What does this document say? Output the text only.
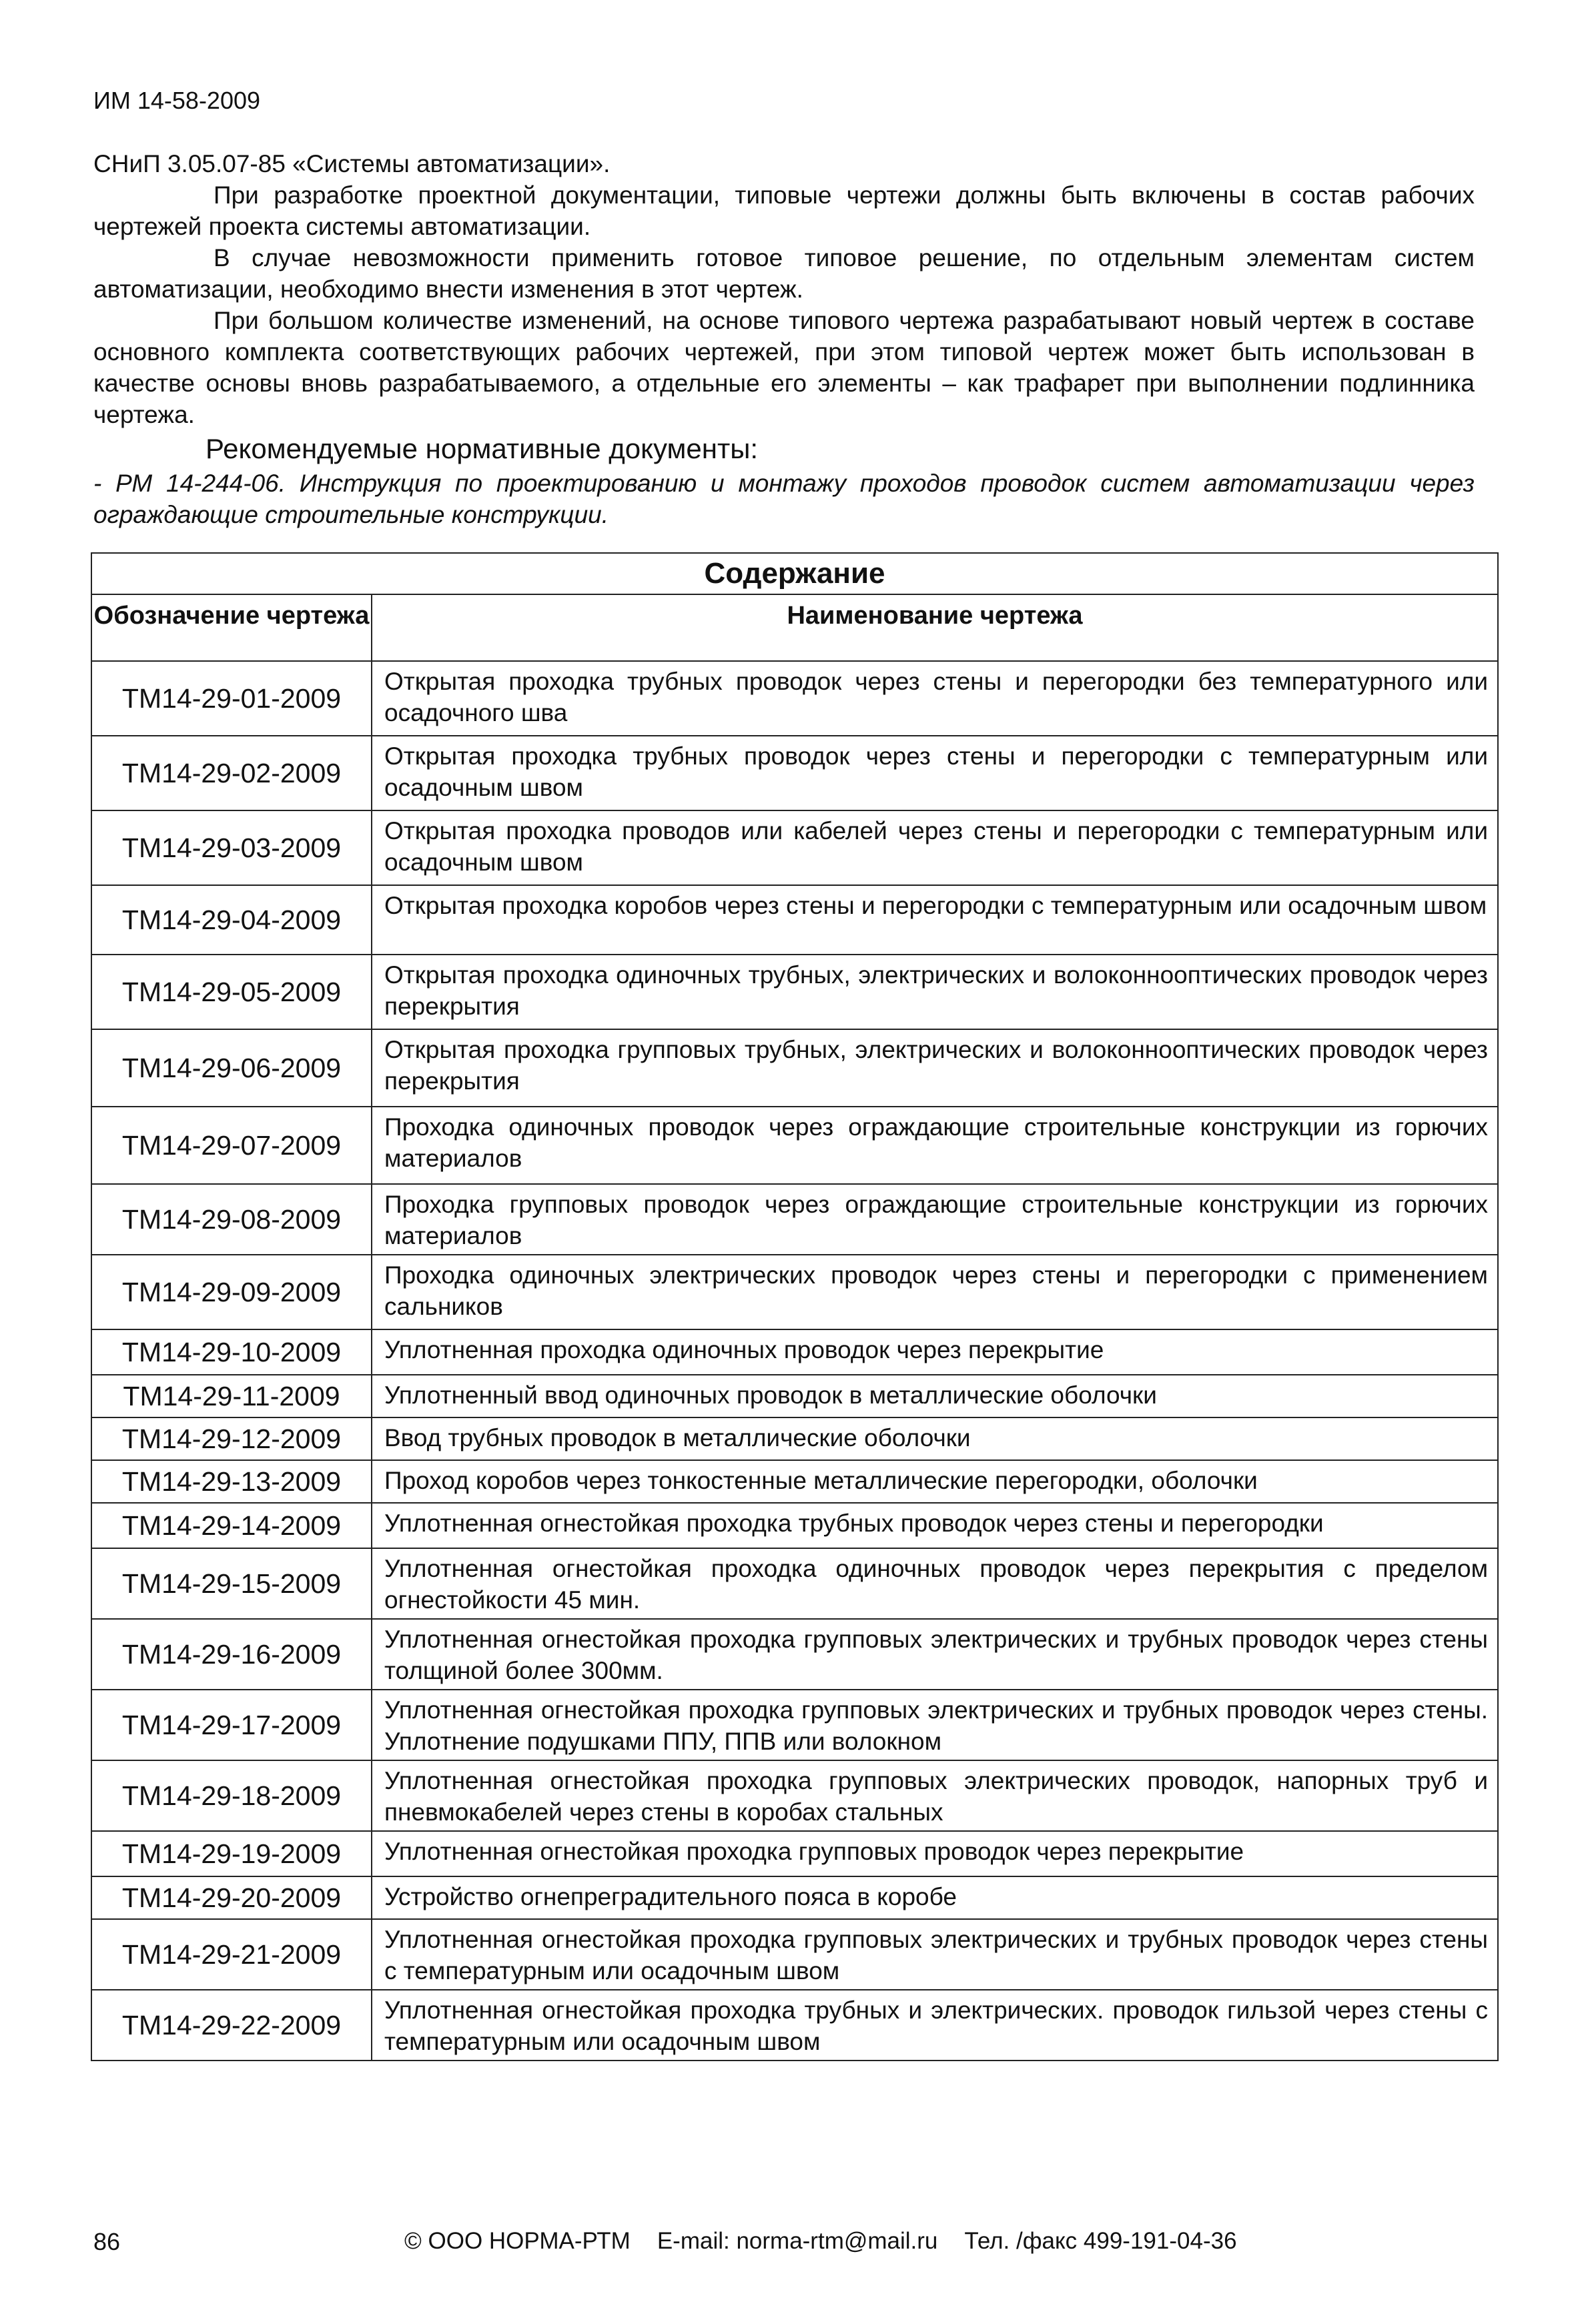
ИМ 14-58-2009

СНиП 3.05.07-85 «Системы автоматизации».

При разработке проектной документации, типовые чертежи должны быть включены в состав рабочих чертежей проекта системы автоматизации.

В случае невозможности применить готовое типовое решение, по отдельным элементам систем автоматизации, необходимо внести изменения в этот чертеж.

При большом количестве изменений, на основе типового чертежа разрабатывают новый чертеж в составе основного комплекта соответствующих рабочих чертежей, при этом типовой чертеж может быть использован в качестве основы вновь разрабатываемого, а отдельные его элементы – как трафарет при выполнении подлинника чертежа.

Рекомендуемые нормативные документы:

- РМ 14-244-06. Инструкция по проектированию и монтажу проходов проводок систем автоматизации через ограждающие строительные конструкции.

Содержание	
Обозначение чертежа	Наименование чертежа
ТМ14-29-01-2009	Открытая проходка трубных проводок через стены и перегородки без температурного или осадочного шва
ТМ14-29-02-2009	Открытая проходка трубных проводок через стены и перегородки с температурным или осадочным швом
ТМ14-29-03-2009	Открытая проходка проводов или кабелей через стены и перегородки с температурным или осадочным швом
ТМ14-29-04-2009	Открытая проходка коробов через стены и перегородки с температурным или осадочным швом
ТМ14-29-05-2009	Открытая проходка одиночных трубных, электрических и волоконнооптических проводок через перекрытия
ТМ14-29-06-2009	Открытая проходка групповых трубных, электрических и волоконнооптических проводок через перекрытия
ТМ14-29-07-2009	Проходка одиночных проводок через ограждающие строительные конструкции из горючих материалов
ТМ14-29-08-2009	Проходка групповых проводок через ограждающие строительные конструкции из горючих материалов
ТМ14-29-09-2009	Проходка одиночных электрических проводок через стены и перегородки с применением сальников
ТМ14-29-10-2009	Уплотненная проходка одиночных проводок через перекрытие
ТМ14-29-11-2009	Уплотненный ввод одиночных проводок в металлические оболочки
ТМ14-29-12-2009	Ввод трубных проводок в металлические оболочки
ТМ14-29-13-2009	Проход коробов через тонкостенные металлические перегородки, оболочки
ТМ14-29-14-2009	Уплотненная огнестойкая проходка трубных проводок через стены и перегородки
ТМ14-29-15-2009	Уплотненная огнестойкая проходка одиночных проводок через перекрытия с пределом огнестойкости 45 мин.
ТМ14-29-16-2009	Уплотненная огнестойкая проходка групповых электрических и трубных проводок через стены толщиной более 300мм.
ТМ14-29-17-2009	Уплотненная огнестойкая проходка групповых электрических и трубных проводок через стены. Уплотнение подушками ППУ, ППВ или волокном
ТМ14-29-18-2009	Уплотненная огнестойкая проходка групповых электрических проводок, напорных труб и пневмокабелей через стены в коробах стальных
ТМ14-29-19-2009	Уплотненная огнестойкая проходка групповых проводок через перекрытие
ТМ14-29-20-2009	Устройство огнепреградительного пояса в коробе
ТМ14-29-21-2009	Уплотненная огнестойкая проходка групповых электрических и трубных проводок через стены с температурным или осадочным швом
ТМ14-29-22-2009	Уплотненная огнестойкая проходка трубных и электрических. проводок гильзой через стены с температурным или осадочным швом
86	© ООО НОРМА-РТМ E-mail: norma-rtm@mail.ru Тел. /факс 499-191-04-36
